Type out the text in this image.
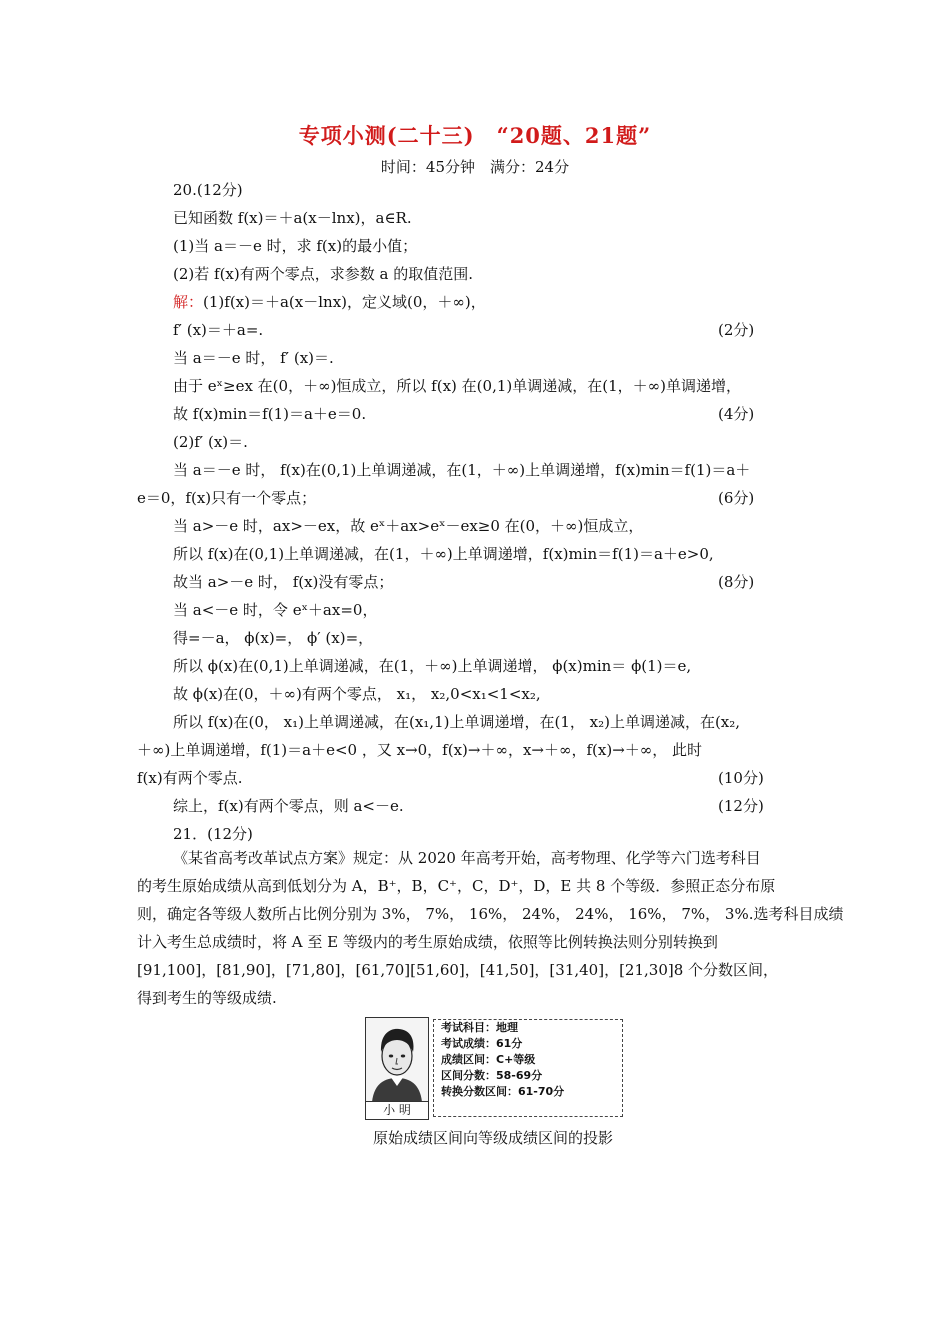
专项小测(二十三)　“20题、21题”
时间：45分钟　满分：24分
20.(12分)
已知函数 f(x)＝＋a(x－lnx)，a∈R.
(1)当 a＝－e 时，求 f(x)的最小值；
(2)若 f(x)有两个零点，求参数 a 的取值范围.
解：(1)f(x)＝＋a(x－lnx)，定义域(0，＋∞)，
f′ (x)＝＋a=.	(2分)
当 a＝－e 时， f′ (x)＝.
由于 eˣ≥ex 在(0，＋∞)恒成立，所以 f(x) 在(0,1)单调递减，在(1，＋∞)单调递增，
故 f(x)min＝f(1)＝a＋e＝0.	(4分)
(2)f′ (x)＝.
当 a＝－e 时， f(x)在(0,1)上单调递减，在(1，＋∞)上单调递增，f(x)min＝f(1)＝a＋
e＝0，f(x)只有一个零点；	(6分)
当 a>－e 时，ax>－ex，故 eˣ＋ax>eˣ－ex≥0 在(0，＋∞)恒成立，
所以 f(x)在(0,1)上单调递减，在(1，＋∞)上单调递增，f(x)min＝f(1)＝a＋e>0,
故当 a>－e 时， f(x)没有零点；	(8分)
当 a<－e 时，令 eˣ＋ax=0，
得=－a， ϕ(x)=， ϕ′ (x)=，
所以 ϕ(x)在(0,1)上单调递减，在(1，＋∞)上单调递增， ϕ(x)min＝ ϕ(1)＝e,
故 ϕ(x)在(0，＋∞)有两个零点， x₁， x₂,0<x₁<1<x₂,
所以 f(x)在(0， x₁)上单调递减，在(x₁,1)上单调递增，在(1， x₂)上单调递减，在(x₂,
＋∞)上单调递增，f(1)＝a＋e<0 ，又 x→0，f(x)→＋∞，x→＋∞，f(x)→＋∞， 此时
f(x)有两个零点.	(10分)
综上，f(x)有两个零点，则 a<－e.	(12分)
21．(12分)
《某省高考改革试点方案》规定：从 2020 年高考开始，高考物理、化学等六门选考科目
的考生原始成绩从高到低划分为 A，B⁺，B，C⁺，C，D⁺，D，E 共 8 个等级．参照正态分布原
则，确定各等级人数所占比例分别为 3%， 7%， 16%， 24%， 24%， 16%， 7%， 3%.选考科目成绩
计入考生总成绩时，将 A 至 E 等级内的考生原始成绩，依照等比例转换法则分别转换到
[91,100]，[81,90]，[71,80]，[61,70][51,60]，[41,50]，[31,40]，[21,30]8 个分数区间，
得到考生的等级成绩.
小 明
考试科目：地理
考试成绩：61分
成绩区间：C+等级
区间分数：58-69分
转换分数区间：61-70分
原始成绩区间向等级成绩区间的投影
